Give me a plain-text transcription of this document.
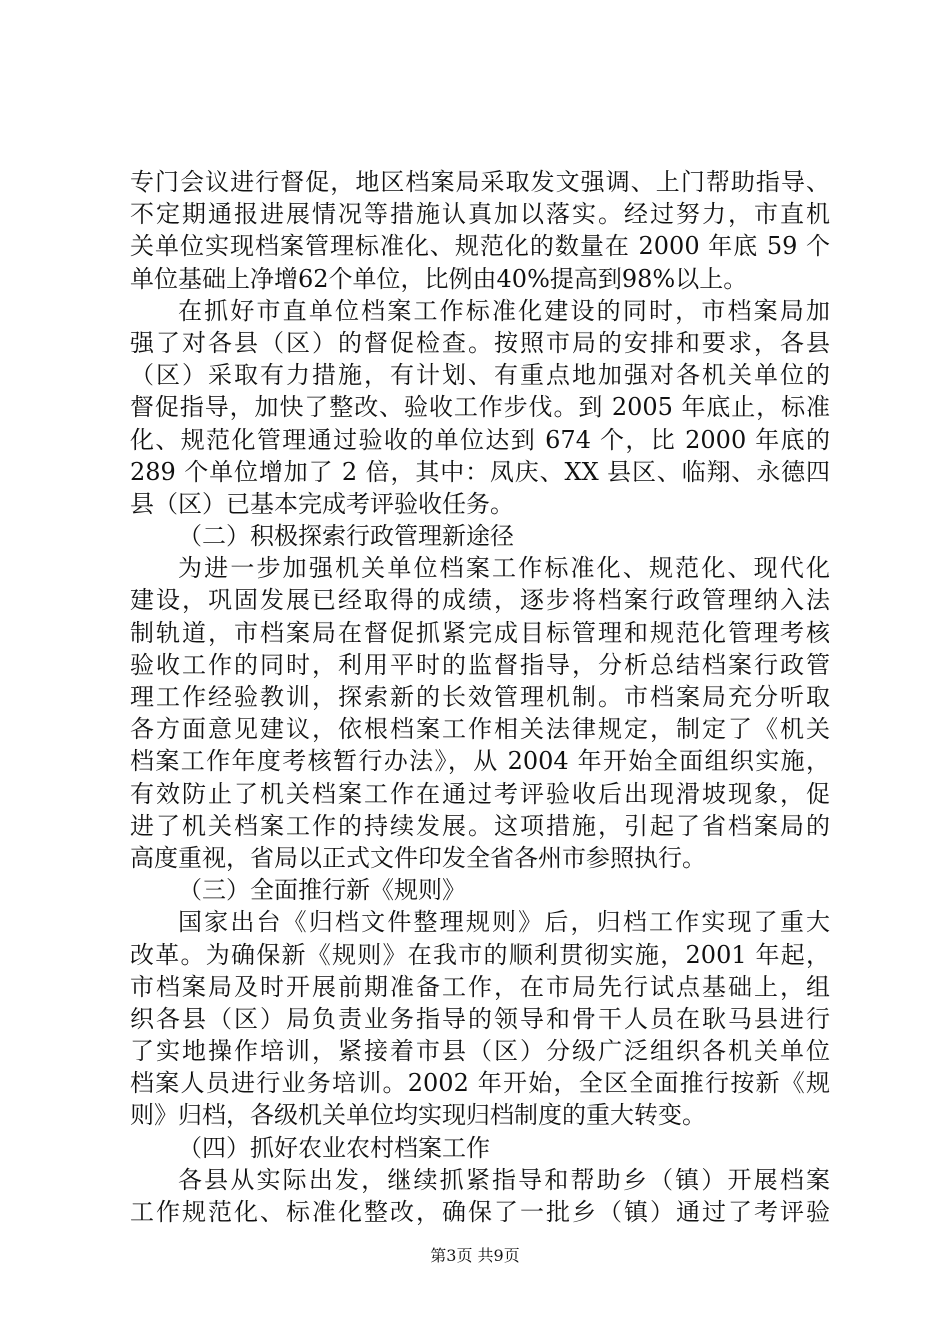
专门会议进行督促，地区档案局采取发文强调、上门帮助指导、
不定期通报进展情况等措施认真加以落实。经过努力，市直机
关单位实现档案管理标准化、规范化的数量在 2000 年底 59 个
单位基础上净增62个单位，比例由40%提高到98%以上。
在抓好市直单位档案工作标准化建设的同时，市档案局加
强了对各县（区）的督促检查。按照市局的安排和要求，各县
（区）采取有力措施，有计划、有重点地加强对各机关单位的
督促指导，加快了整改、验收工作步伐。到 2005 年底止，标准
化、规范化管理通过验收的单位达到 674 个，比 2000 年底的
289 个单位增加了 2 倍，其中：凤庆、XX 县区、临翔、永德四
县（区）已基本完成考评验收任务。
（二）积极探索行政管理新途径
为进一步加强机关单位档案工作标准化、规范化、现代化
建设，巩固发展已经取得的成绩，逐步将档案行政管理纳入法
制轨道，市档案局在督促抓紧完成目标管理和规范化管理考核
验收工作的同时，利用平时的监督指导，分析总结档案行政管
理工作经验教训，探索新的长效管理机制。市档案局充分听取
各方面意见建议，依根档案工作相关法律规定，制定了《机关
档案工作年度考核暂行办法》，从 2004 年开始全面组织实施，
有效防止了机关档案工作在通过考评验收后出现滑坡现象，促
进了机关档案工作的持续发展。这项措施，引起了省档案局的
高度重视，省局以正式文件印发全省各州市参照执行。
（三）全面推行新《规则》
国家出台《归档文件整理规则》后，归档工作实现了重大
改革。为确保新《规则》在我市的顺利贯彻实施，2001 年起，
市档案局及时开展前期准备工作，在市局先行试点基础上，组
织各县（区）局负责业务指导的领导和骨干人员在耿马县进行
了实地操作培训，紧接着市县（区）分级广泛组织各机关单位
档案人员进行业务培训。2002 年开始，全区全面推行按新《规
则》归档，各级机关单位均实现归档制度的重大转变。
（四）抓好农业农村档案工作
各县从实际出发，继续抓紧指导和帮助乡（镇）开展档案
工作规范化、标准化整改，确保了一批乡（镇）通过了考评验
第3页 共9页
